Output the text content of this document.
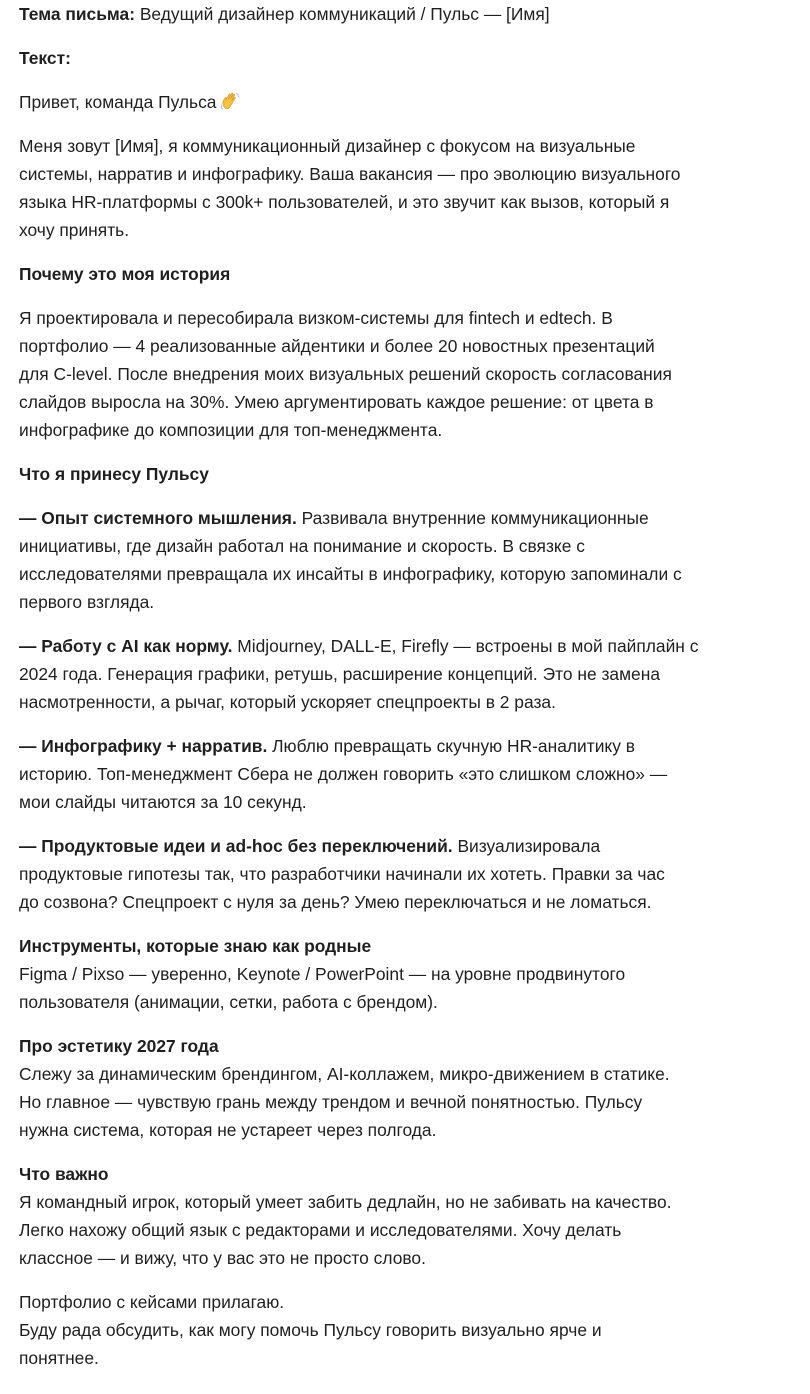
Тема письма: Ведущий дизайнер коммуникаций / Пульс — [Имя]
Текст:
Привет, команда Пульса
Меня зовут [Имя], я коммуникационный дизайнер с фокусом на визуальные
системы, нарратив и инфографику. Ваша вакансия — про эволюцию визуального
языка HR-платформы с 300k+ пользователей, и это звучит как вызов, который я
хочу принять.
Почему это моя история
Я проектировала и пересобирала визком-системы для fintech и edtech. В
портфолио — 4 реализованные айдентики и более 20 новостных презентаций
для C-level. После внедрения моих визуальных решений скорость согласования
слайдов выросла на 30%. Умею аргументировать каждое решение: от цвета в
инфографике до композиции для топ-менеджмента.
Что я принесу Пульсу
— Опыт системного мышления. Развивала внутренние коммуникационные
инициативы, где дизайн работал на понимание и скорость. В связке с
исследователями превращала их инсайты в инфографику, которую запоминали с
первого взгляда.
— Работу с AI как норму. Midjourney, DALL-E, Firefly — встроены в мой пайплайн с
2024 года. Генерация графики, ретушь, расширение концепций. Это не замена
насмотренности, а рычаг, который ускоряет спецпроекты в 2 раза.
— Инфографику + нарратив. Люблю превращать скучную HR-аналитику в
историю. Топ-менеджмент Сбера не должен говорить «это слишком сложно» —
мои слайды читаются за 10 секунд.
— Продуктовые идеи и ad-hoc без переключений. Визуализировала
продуктовые гипотезы так, что разработчики начинали их хотеть. Правки за час
до созвона? Спецпроект с нуля за день? Умею переключаться и не ломаться.
Инструменты, которые знаю как родные
Figma / Pixso — уверенно, Keynote / PowerPoint — на уровне продвинутого
пользователя (анимации, сетки, работа с брендом).
Про эстетику 2027 года
Слежу за динамическим брендингом, AI-коллажем, микро-движением в статике.
Но главное — чувствую грань между трендом и вечной понятностью. Пульсу
нужна система, которая не устареет через полгода.
Что важно
Я командный игрок, который умеет забить дедлайн, но не забивать на качество.
Легко нахожу общий язык с редакторами и исследователями. Хочу делать
классное — и вижу, что у вас это не просто слово.
Портфолио с кейсами прилагаю.
Буду рада обсудить, как могу помочь Пульсу говорить визуально ярче и
понятнее.
